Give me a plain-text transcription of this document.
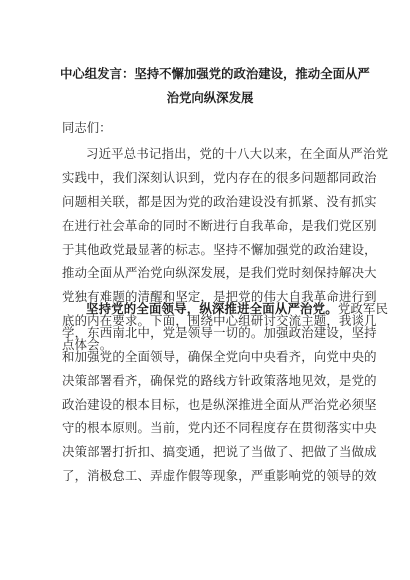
中心组发言：坚持不懈加强党的政治建设，推动全面从严
治党向纵深发展
同志们：
习近平总书记指出，党的十八大以来，在全面从严治党
实践中，我们深刻认识到，党内存在的很多问题都同政治
问题相关联，都是因为党的政治建设没有抓紧、没有抓实
在进行社会革命的同时不断进行自我革命，是我们党区别
于其他政党最显著的标志。坚持不懈加强党的政治建设，
推动全面从严治党向纵深发展，是我们党时刻保持解决大
党独有难题的清醒和坚定，是把党的伟大自我革命进行到
底的内在要求。下面，围绕中心组研讨交流主题，我谈几
点体会。
坚持党的全面领导，纵深推进全面从严治党。党政军民
学，东西南北中，党是领导一切的。加强政治建设，坚持
和加强党的全面领导，确保全党向中央看齐，向党中央的
决策部署看齐，确保党的路线方针政策落地见效，是党的
政治建设的根本目标，也是纵深推进全面从严治党必须坚
守的根本原则。当前，党内还不同程度存在贯彻落实中央
决策部署打折扣、搞变通，把说了当做了、把做了当做成
了，消极怠工、弄虚作假等现象，严重影响党的领导的效
